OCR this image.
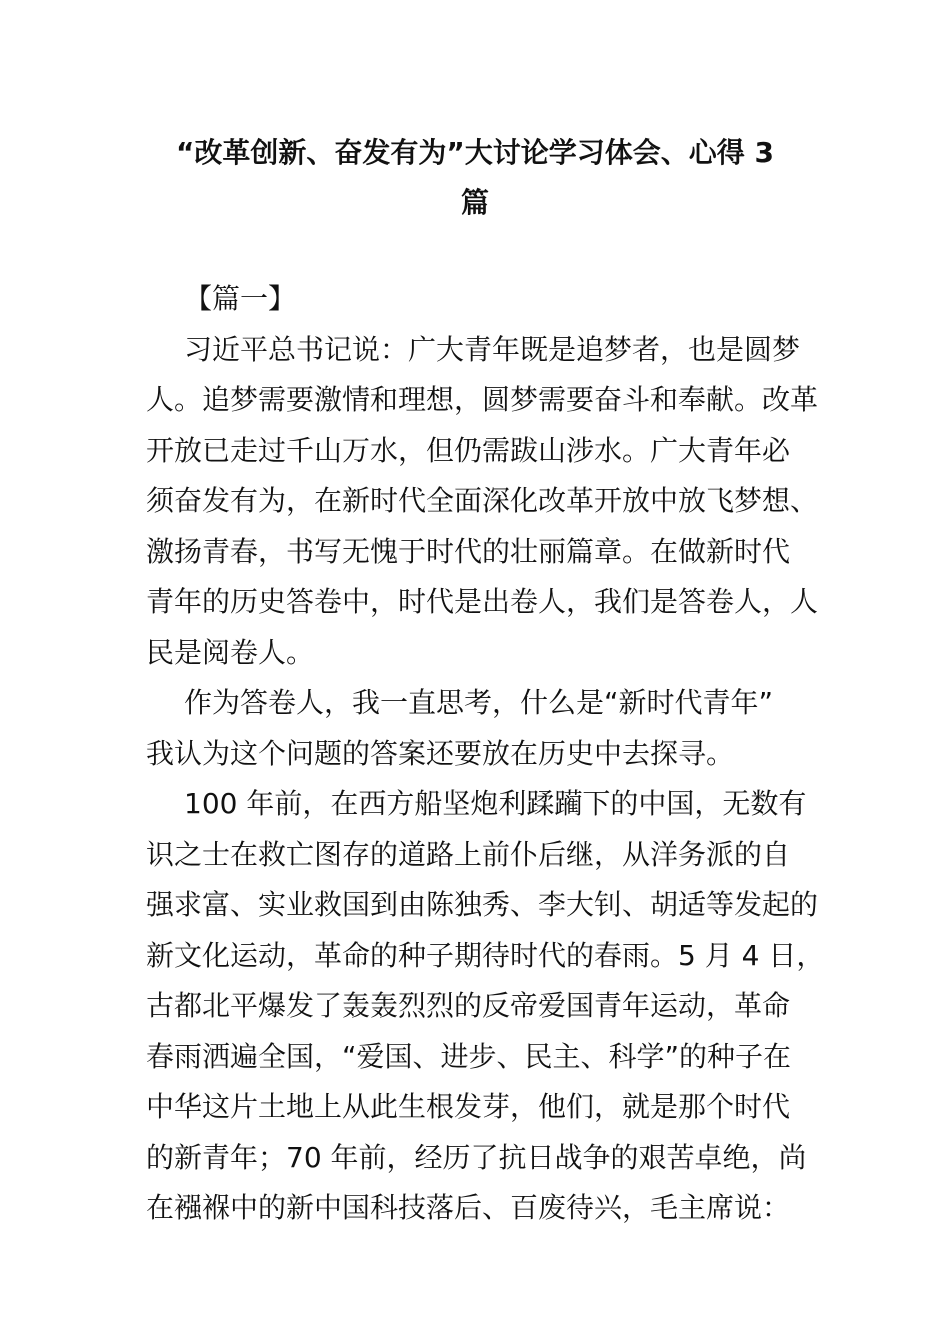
“改革创新、奋发有为”大讨论学习体会、心得 3
篇
【篇一】

习近平总书记说：广大青年既是追梦者，也是圆梦
人。追梦需要激情和理想，圆梦需要奋斗和奉献。改革
开放已走过千山万水，但仍需跋山涉水。广大青年必
须奋发有为，在新时代全面深化改革开放中放飞梦想、
激扬青春，书写无愧于时代的壮丽篇章。在做新时代
青年的历史答卷中，时代是出卷人，我们是答卷人，人
民是阅卷人。

作为答卷人，我一直思考，什么是“新时代青年”
我认为这个问题的答案还要放在历史中去探寻。

100 年前，在西方船坚炮利蹂躏下的中国，无数有
识之士在救亡图存的道路上前仆后继，从洋务派的自
强求富、实业救国到由陈独秀、李大钊、胡适等发起的
新文化运动，革命的种子期待时代的春雨。5 月 4 日，
古都北平爆发了轰轰烈烈的反帝爱国青年运动，革命
春雨洒遍全国，“爱国、进步、民主、科学”的种子在
中华这片土地上从此生根发芽，他们，就是那个时代
的新青年；70 年前，经历了抗日战争的艰苦卓绝，尚
在襁褓中的新中国科技落后、百废待兴，毛主席说：
